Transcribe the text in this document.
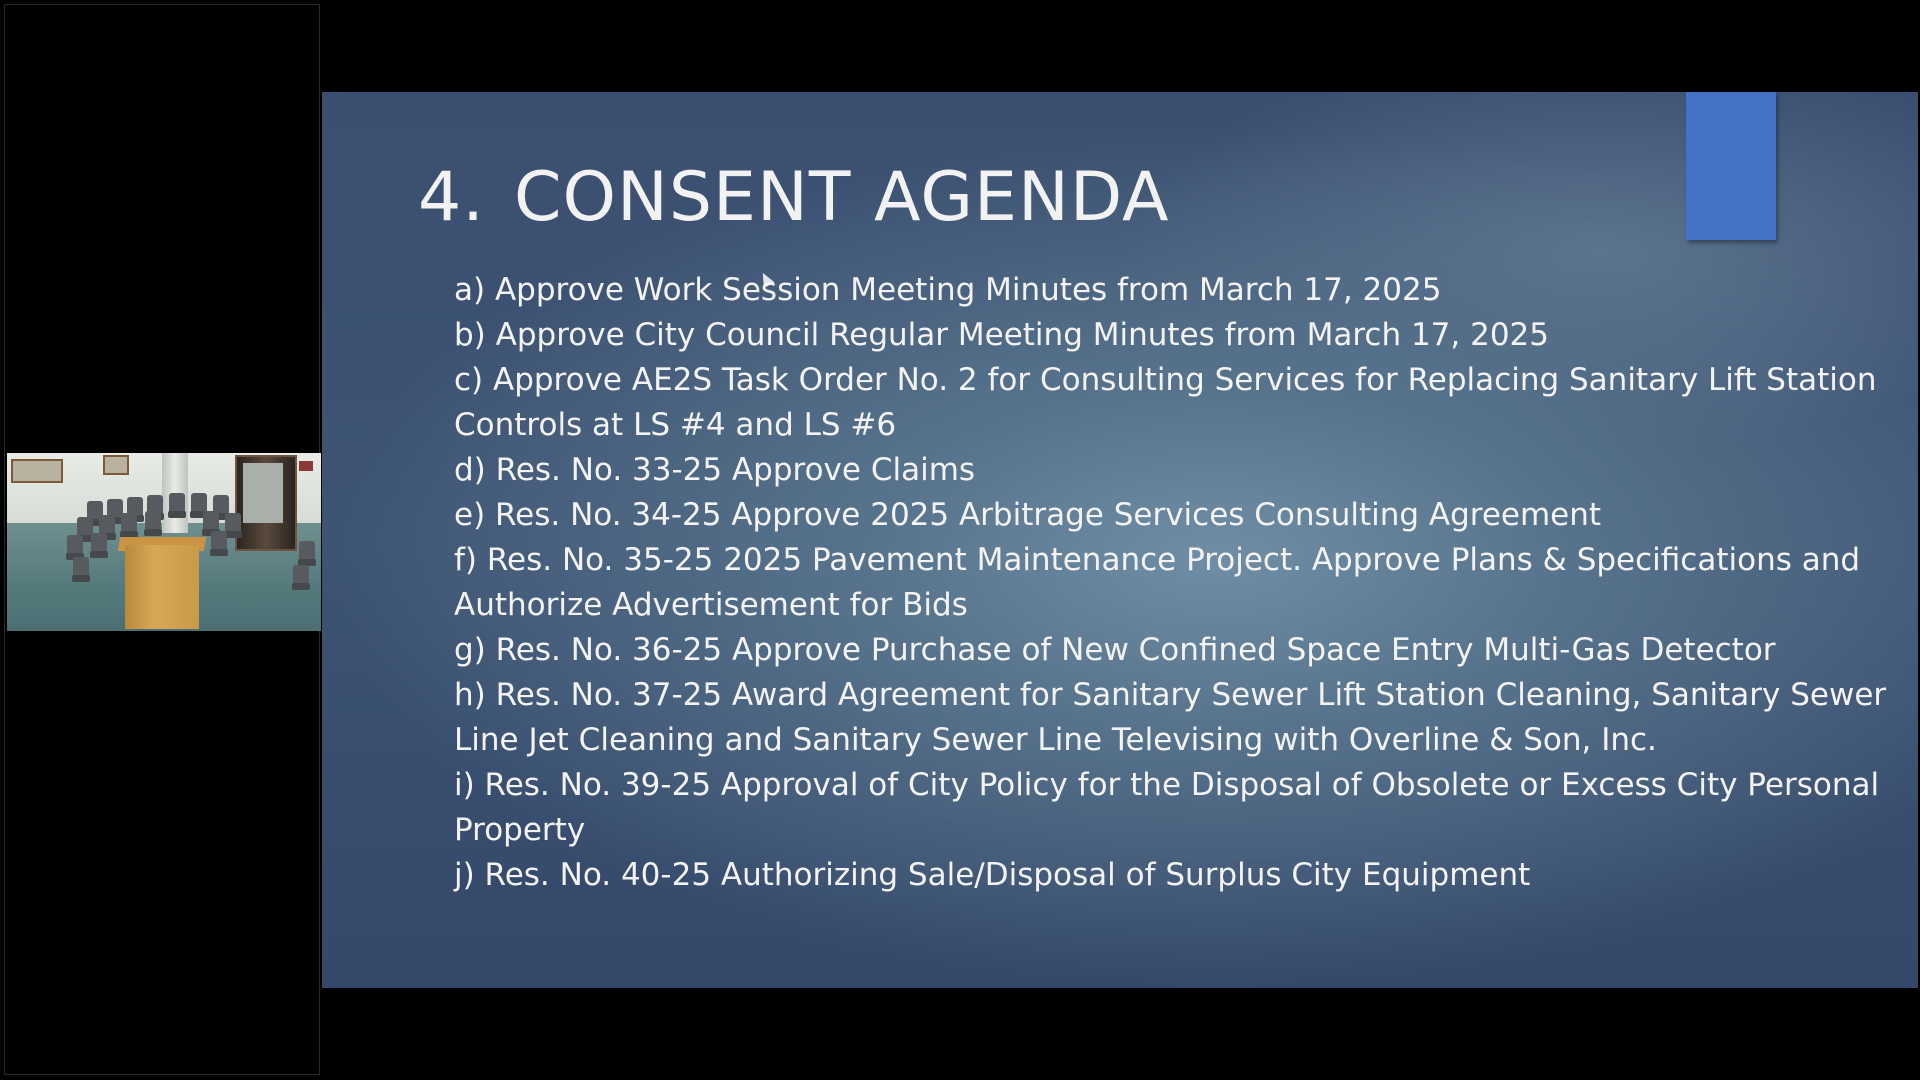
4. CONSENT AGENDA
a) Approve Work Session Meeting Minutes from March 17, 2025
b) Approve City Council Regular Meeting Minutes from March 17, 2025
c) Approve AE2S Task Order No. 2 for Consulting Services for Replacing Sanitary Lift Station Controls at LS #4 and LS #6
d) Res. No. 33-25 Approve Claims
e) Res. No. 34-25 Approve 2025 Arbitrage Services Consulting Agreement
f) Res. No. 35-25 2025 Pavement Maintenance Project. Approve Plans & Specifications and Authorize Advertisement for Bids
g) Res. No. 36-25 Approve Purchase of New Confined Space Entry Multi-Gas Detector
h) Res. No. 37-25 Award Agreement for Sanitary Sewer Lift Station Cleaning, Sanitary Sewer Line Jet Cleaning and Sanitary Sewer Line Televising with Overline & Son, Inc.
i) Res. No. 39-25 Approval of City Policy for the Disposal of Obsolete or Excess City Personal Property
j) Res. No. 40-25 Authorizing Sale/Disposal of Surplus City Equipment
